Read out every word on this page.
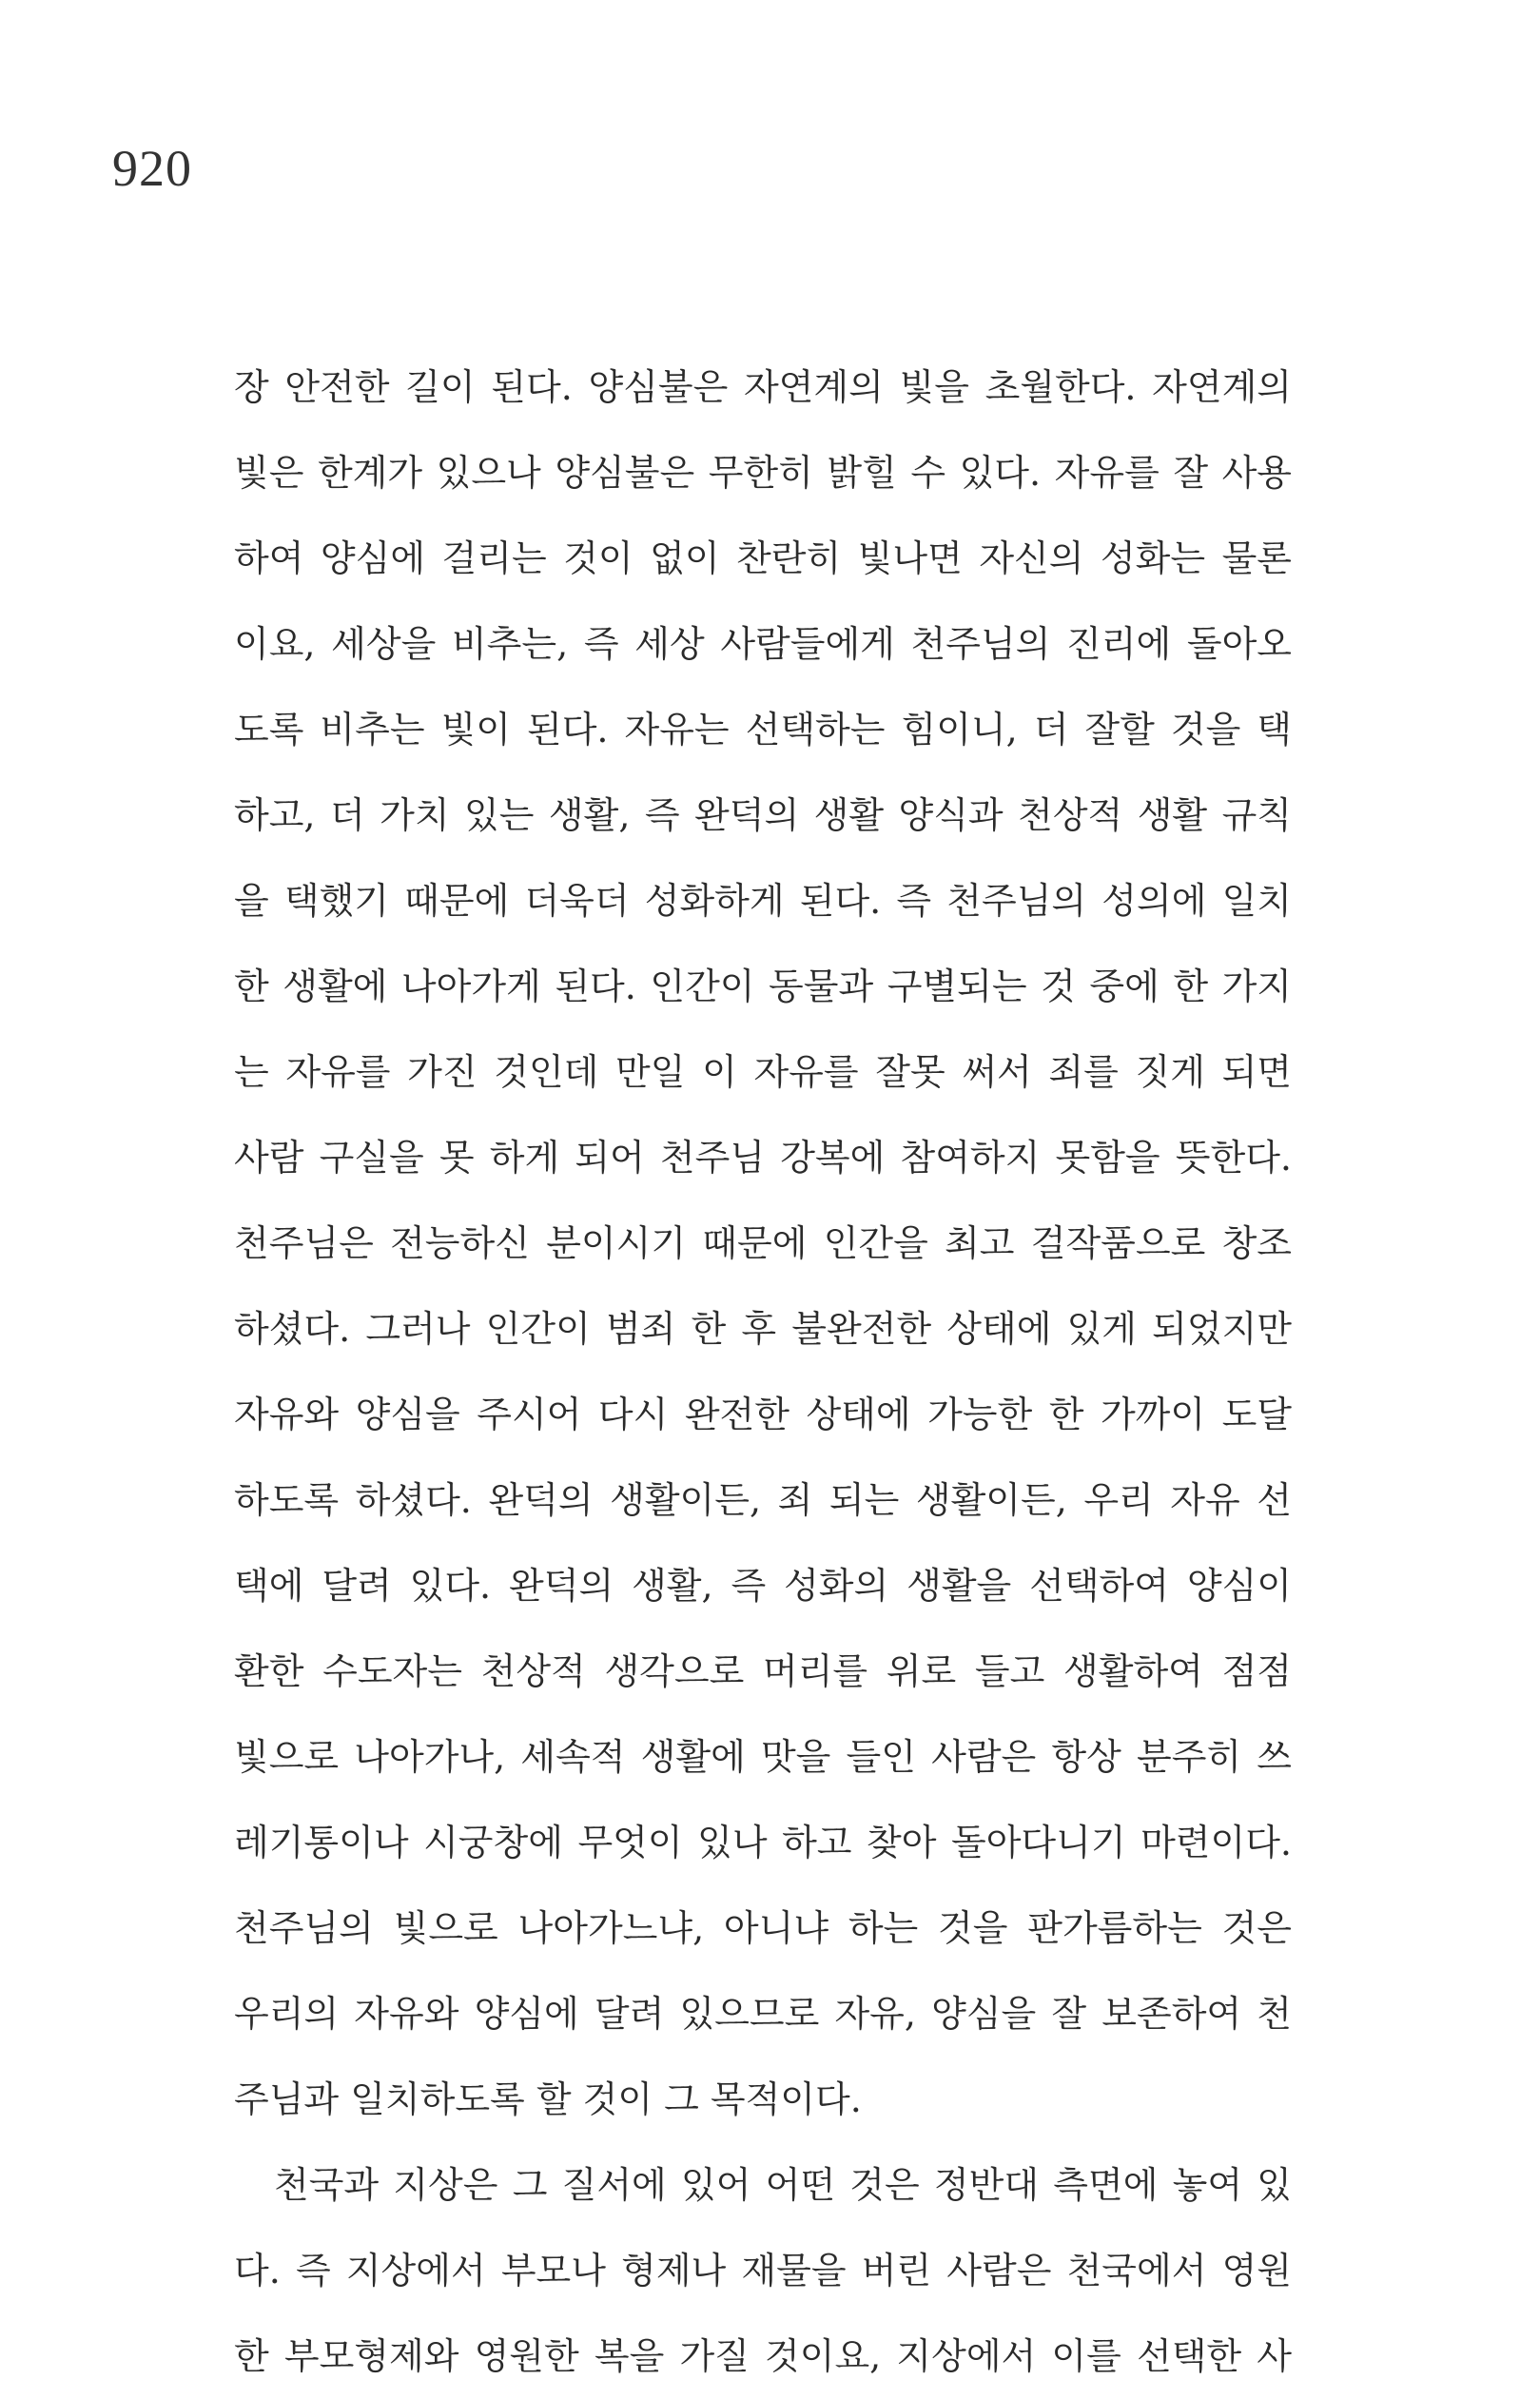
920
장 안전한 길이 된다. 양심불은 자연계의 빛을 초월한다. 자연계의
빛은 한계가 있으나 양심불은 무한히 밝힐 수 있다. 자유를 잘 사용
하여 양심에 걸리는 것이 없이 찬란히 빛나면 자신의 성화는 물론
이요, 세상을 비추는, 즉 세상 사람들에게 천주님의 진리에 돌아오
도록 비추는 빛이 된다. 자유는 선택하는 힘이니, 더 잘할 것을 택
하고, 더 가치 있는 생활, 즉 완덕의 생활 양식과 천상적 생활 규칙
을 택했기 때문에 더욱더 성화하게 된다. 즉 천주님의 성의에 일치
한 생활에 나아가게 된다. 인간이 동물과 구별되는 것 중에 한 가지
는 자유를 가진 것인데 만일 이 자유를 잘못 써서 죄를 짓게 되면
사람 구실을 못 하게 되어 천주님 강복에 참여하지 못함을 뜻한다.
천주님은 전능하신 분이시기 때문에 인간을 최고 걸작품으로 창조
하셨다. 그러나 인간이 범죄 한 후 불완전한 상태에 있게 되었지만
자유와 양심을 주시어 다시 완전한 상태에 가능한 한 가까이 도달
하도록 하셨다. 완덕의 생활이든, 죄 되는 생활이든, 우리 자유 선
택에 달려 있다. 완덕의 생활, 즉 성화의 생활을 선택하여 양심이
환한 수도자는 천상적 생각으로 머리를 위로 들고 생활하여 점점
빛으로 나아가나, 세속적 생활에 맛을 들인 사람은 항상 분주히 쓰
레기통이나 시궁창에 무엇이 있나 하고 찾아 돌아다니기 마련이다.
천주님의 빛으로 나아가느냐, 아니냐 하는 것을 판가름하는 것은
우리의 자유와 양심에 달려 있으므로 자유, 양심을 잘 보존하여 천
주님과 일치하도록 할 것이 그 목적이다.
천국과 지상은 그 질서에 있어 어떤 것은 정반대 측면에 놓여 있
다. 즉 지상에서 부모나 형제나 재물을 버린 사람은 천국에서 영원
한 부모형제와 영원한 복을 가질 것이요, 지상에서 이를 선택한 사
